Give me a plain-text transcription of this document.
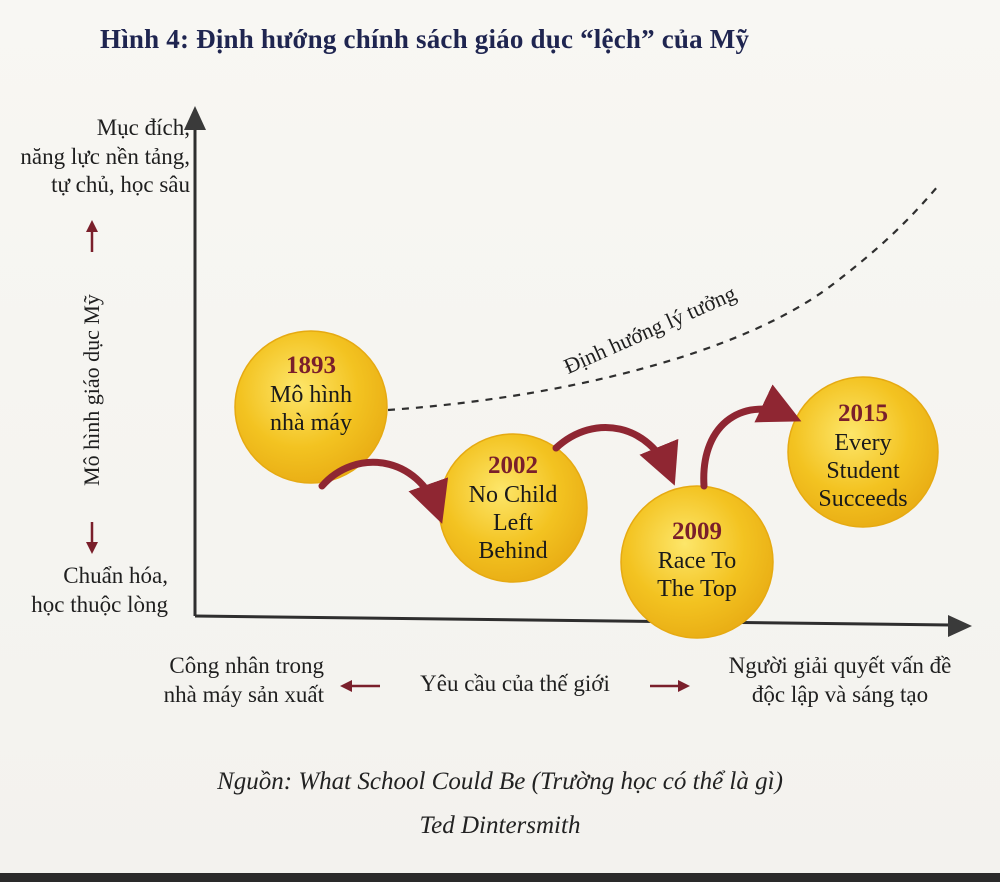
Hình 4: Định hướng chính sách giáo dục “lệch” của Mỹ
Mục đích,
năng lực nền tảng,
tự chủ, học sâu
Mô hình giáo dục Mỹ
Chuẩn hóa,
học thuộc lòng
Công nhân trong
nhà máy sản xuất	Yêu cầu của thế giới
Người giải quyết vấn đề
độc lập và sáng tạo
Định hướng lý tưởng
1893
Mô hình
nhà máy
2002
No Child
Left
Behind
2009
Race To
The Top
2015
Every
Student
Succeeds
Nguồn: What School Could Be (Trường học có thể là gì)
Ted Dintersmith
